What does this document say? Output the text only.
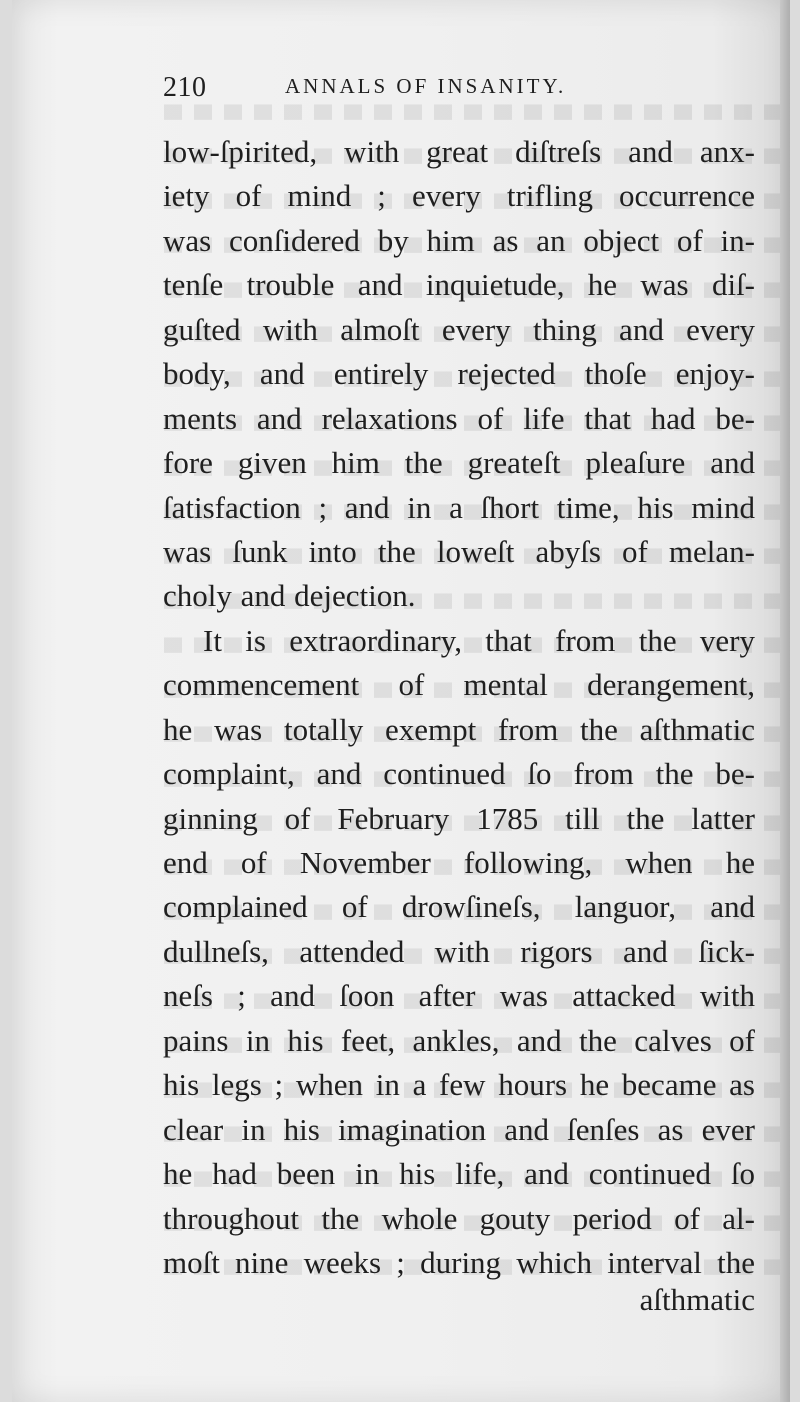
210	ANNALS OF INSANITY.
low-ſpirited, with great diſtreſs and anx-
iety of mind ; every trifling occurrence
was conſidered by him as an object of in-
tenſe trouble and inquietude, he was diſ-
guſted with almoſt every thing and every
body, and entirely rejected thoſe enjoy-
ments and relaxations of life that had be-
fore given him the greateſt pleaſure and
ſatisfaction ; and in a ſhort time, his mind
was ſunk into the loweſt abyſs of melan-
choly and dejection.
It is extraordinary, that from the very
commencement of mental derangement,
he was totally exempt from the aſthmatic
complaint, and continued ſo from the be-
ginning of February 1785 till the latter
end of November following, when he
complained of drowſineſs, languor, and
dullneſs, attended with rigors and ſick-
neſs ; and ſoon after was attacked with
pains in his feet, ankles, and the calves of
his legs ; when in a few hours he became as
clear in his imagination and ſenſes as ever
he had been in his life, and continued ſo
throughout the whole gouty period of al-
moſt nine weeks ; during which interval the
aſthmatic
